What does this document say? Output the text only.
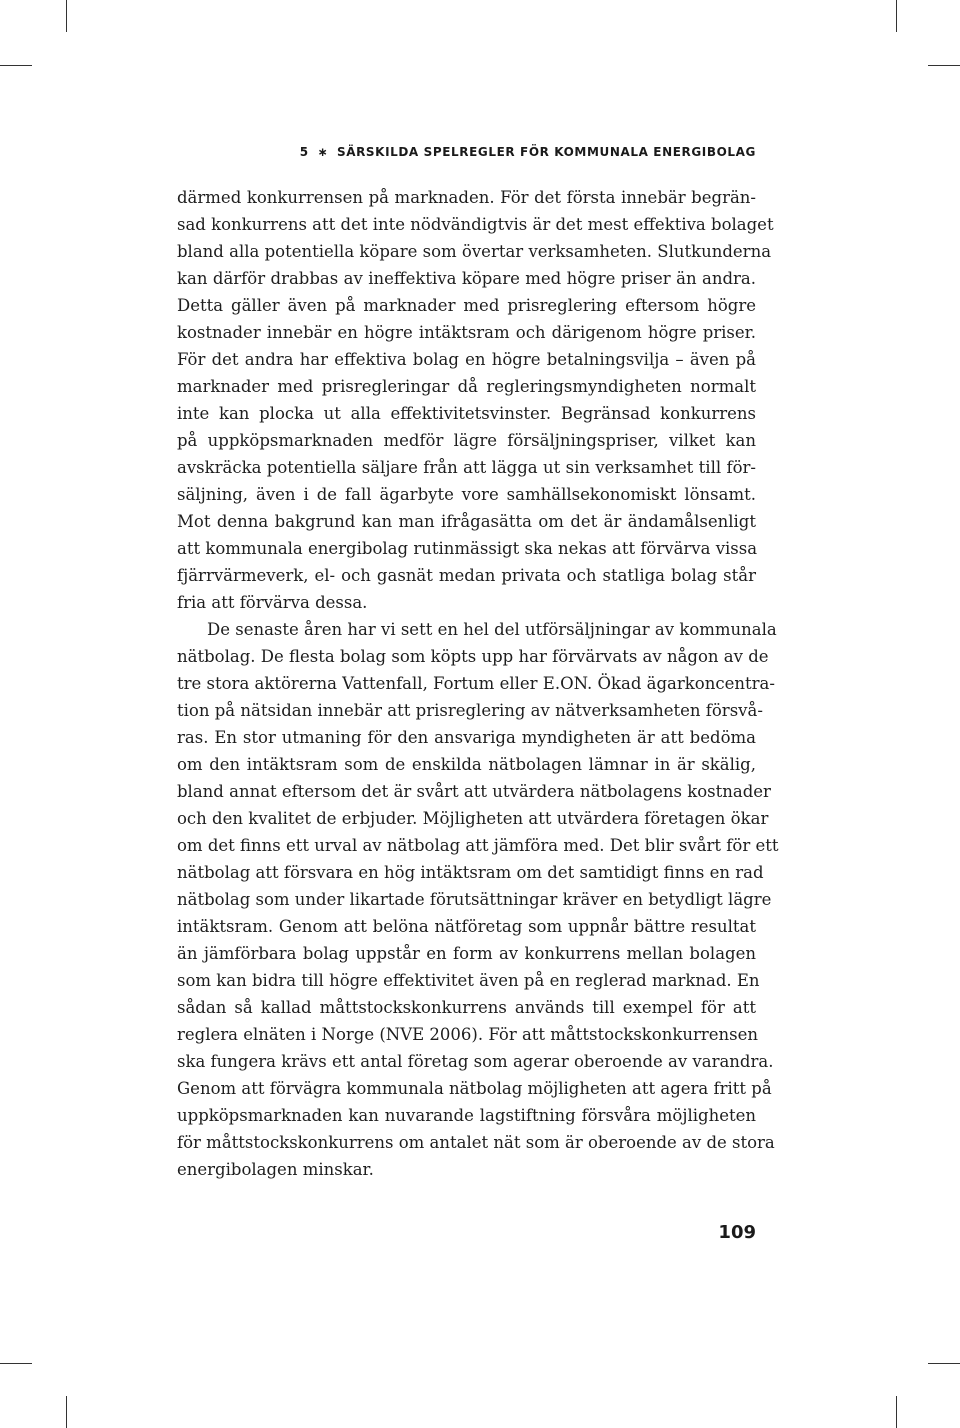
5 ∗ SÄRSKILDA SPELREGLER FÖR KOMMUNALA ENERGIBOLAG
därmed konkurrensen på marknaden. För det första innebär begrän-
sad konkurrens att det inte nödvändigtvis är det mest effektiva bolaget
bland alla potentiella köpare som övertar verksamheten. Slutkunderna
kan därför drabbas av ineffektiva köpare med högre priser än andra.
Detta gäller även på marknader med prisreglering eftersom högre
kostnader innebär en högre intäktsram och därigenom högre priser.
För det andra har effektiva bolag en högre betalningsvilja – även på
marknader med prisregleringar då regleringsmyndigheten normalt
inte kan plocka ut alla effektivitetsvinster. Begränsad konkurrens
på uppköpsmarknaden medför lägre försäljningspriser, vilket kan
avskräcka potentiella säljare från att lägga ut sin verksamhet till för-
säljning, även i de fall ägarbyte vore samhällsekonomiskt lönsamt.
Mot denna bakgrund kan man ifrågasätta om det är ändamålsenligt
att kommunala energibolag rutinmässigt ska nekas att förvärva vissa
fjärrvärmeverk, el- och gasnät medan privata och statliga bolag står
fria att förvärva dessa.
De senaste åren har vi sett en hel del utförsäljningar av kommunala
nätbolag. De flesta bolag som köpts upp har förvärvats av någon av de
tre stora aktörerna Vattenfall, Fortum eller E.ON. Ökad ägarkoncentra-
tion på nätsidan innebär att prisreglering av nätverksamheten försvå-
ras. En stor utmaning för den ansvariga myndigheten är att bedöma
om den intäktsram som de enskilda nätbolagen lämnar in är skälig,
bland annat eftersom det är svårt att utvärdera nätbolagens kostnader
och den kvalitet de erbjuder. Möjligheten att utvärdera företagen ökar
om det finns ett urval av nätbolag att jämföra med. Det blir svårt för ett
nätbolag att försvara en hög intäktsram om det samtidigt finns en rad
nätbolag som under likartade förutsättningar kräver en betydligt lägre
intäktsram. Genom att belöna nätföretag som uppnår bättre resultat
än jämförbara bolag uppstår en form av konkurrens mellan bolagen
som kan bidra till högre effektivitet även på en reglerad marknad. En
sådan så kallad måttstockskonkurrens används till exempel för att
reglera elnäten i Norge (NVE 2006). För att måttstockskonkurrensen
ska fungera krävs ett antal företag som agerar oberoende av varandra.
Genom att förvägra kommunala nätbolag möjligheten att agera fritt på
uppköpsmarknaden kan nuvarande lagstiftning försvåra möjligheten
för måttstockskonkurrens om antalet nät som är oberoende av de stora
energibolagen minskar.
109
